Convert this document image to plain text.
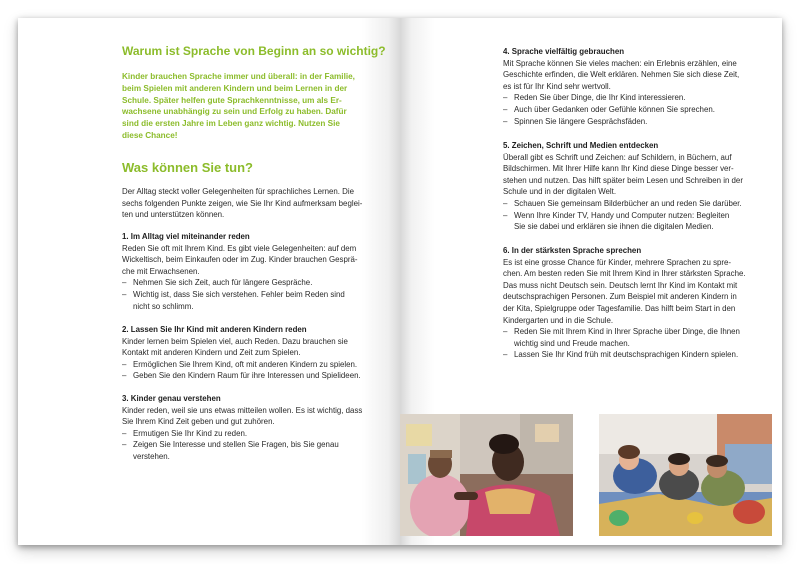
Warum ist Sprache von Beginn an so wichtig?
Kinder brauchen Sprache immer und überall: in der Familie,
beim Spielen mit anderen Kindern und beim Lernen in der
Schule. Später helfen gute Sprachkenntnisse, um als Er-
wachsene unabhängig zu sein und Erfolg zu haben. Dafür
sind die ersten Jahre im Leben ganz wichtig. Nutzen Sie
diese Chance!
Was können Sie tun?
Der Alltag steckt voller Gelegenheiten für sprachliches Lernen. Die
sechs folgenden Punkte zeigen, wie Sie Ihr Kind aufmerksam beglei-
ten und unterstützen können.

1. Im Alltag viel miteinander reden

Reden Sie oft mit Ihrem Kind. Es gibt viele Gelegenheiten: auf dem

Wickeltisch, beim Einkaufen oder im Zug. Kinder brauchen Gesprä-

che mit Erwachsenen.

– Nehmen Sie sich Zeit, auch für längere Gespräche.
– Wichtig ist, dass Sie sich verstehen. Fehler beim Reden sind
nicht so schlimm.

2. Lassen Sie Ihr Kind mit anderen Kindern reden

Kinder lernen beim Spielen viel, auch Reden. Dazu brauchen sie

Kontakt mit anderen Kindern und Zeit zum Spielen.

– Ermöglichen Sie Ihrem Kind, oft mit anderen Kindern zu spielen.
– Geben Sie den Kindern Raum für ihre Interessen und Spielideen.

3. Kinder genau verstehen

Kinder reden, weil sie uns etwas mitteilen wollen. Es ist wichtig, dass

Sie Ihrem Kind Zeit geben und gut zuhören.

– Ermutigen Sie Ihr Kind zu reden.
– Zeigen Sie Interesse und stellen Sie Fragen, bis Sie genau
verstehen.

4. Sprache vielfältig gebrauchen

Mit Sprache können Sie vieles machen: ein Erlebnis erzählen, eine

Geschichte erfinden, die Welt erklären. Nehmen Sie sich diese Zeit,

es ist für Ihr Kind sehr wertvoll.

– Reden Sie über Dinge, die Ihr Kind interessieren.
– Auch über Gedanken oder Gefühle können Sie sprechen.
– Spinnen Sie längere Gesprächsfäden.

5. Zeichen, Schrift und Medien entdecken

Überall gibt es Schrift und Zeichen: auf Schildern, in Büchern, auf

Bildschirmen. Mit Ihrer Hilfe kann Ihr Kind diese Dinge besser ver-

stehen und nutzen. Das hilft später beim Lesen und Schreiben in der

Schule und in der digitalen Welt.

– Schauen Sie gemeinsam Bilderbücher an und reden Sie darüber.
– Wenn Ihre Kinder TV, Handy und Computer nutzen: Begleiten
Sie sie dabei und erklären sie ihnen die digitalen Medien.

6. In der stärksten Sprache sprechen

Es ist eine grosse Chance für Kinder, mehrere Sprachen zu spre-

chen. Am besten reden Sie mit Ihrem Kind in Ihrer stärksten Sprache.

Das muss nicht Deutsch sein. Deutsch lernt Ihr Kind im Kontakt mit

deutschsprachigen Personen. Zum Beispiel mit anderen Kindern in

der Kita, Spielgruppe oder Tagesfamilie. Das hilft beim Start in den

Kindergarten und in die Schule.

– Reden Sie mit Ihrem Kind in Ihrer Sprache über Dinge, die Ihnen
wichtig sind und Freude machen.
– Lassen Sie Ihr Kind früh mit deutschsprachigen Kindern spielen.
